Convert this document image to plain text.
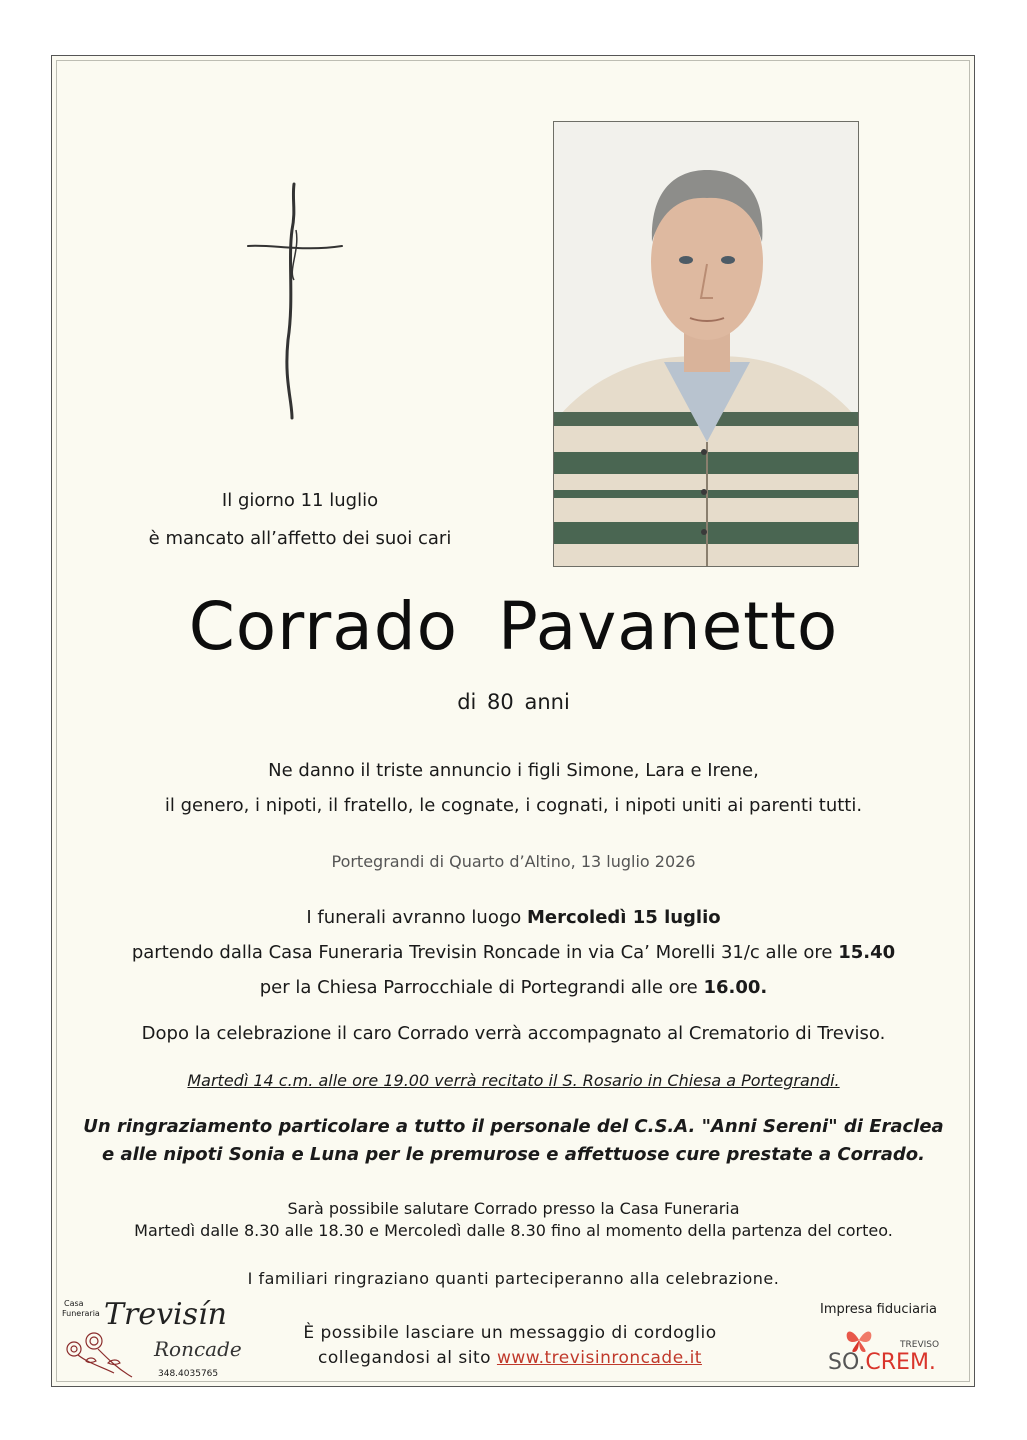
Il giorno 11 luglio
è mancato all’affetto dei suoi cari
Corrado Pavanetto
di 80 anni
Ne danno il triste annuncio i figli Simone, Lara e Irene,
il genero, i nipoti, il fratello, le cognate, i cognati, i nipoti uniti ai parenti tutti.
Portegrandi di Quarto d’Altino, 13 luglio 2026
I funerali avranno luogo Mercoledì 15 luglio
partendo dalla Casa Funeraria Trevisin Roncade in via Ca’ Morelli 31/c alle ore 15.40
per la Chiesa Parrocchiale di Portegrandi alle ore 16.00.
Dopo la celebrazione il caro Corrado verrà accompagnato al Crematorio di Treviso.
Martedì 14 c.m. alle ore 19.00 verrà recitato il S. Rosario in Chiesa a Portegrandi.
Un ringraziamento particolare a tutto il personale del C.S.A. "Anni Sereni" di Eraclea
e alle nipoti Sonia e Luna per le premurose e affettuose cure prestate a Corrado.
Sarà possibile salutare Corrado presso la Casa Funeraria
Martedì dalle 8.30 alle 18.30 e Mercoledì dalle 8.30 fino al momento della partenza del corteo.
I familiari ringraziano quanti parteciperanno alla celebrazione.
È possibile lasciare un messaggio di cordoglio
collegandosi al sito www.trevisinroncade.it
Casa
Funeraria Trevisín
Roncade
348.4035765
Impresa fiduciaria
TREVISO
SO.CREM.
